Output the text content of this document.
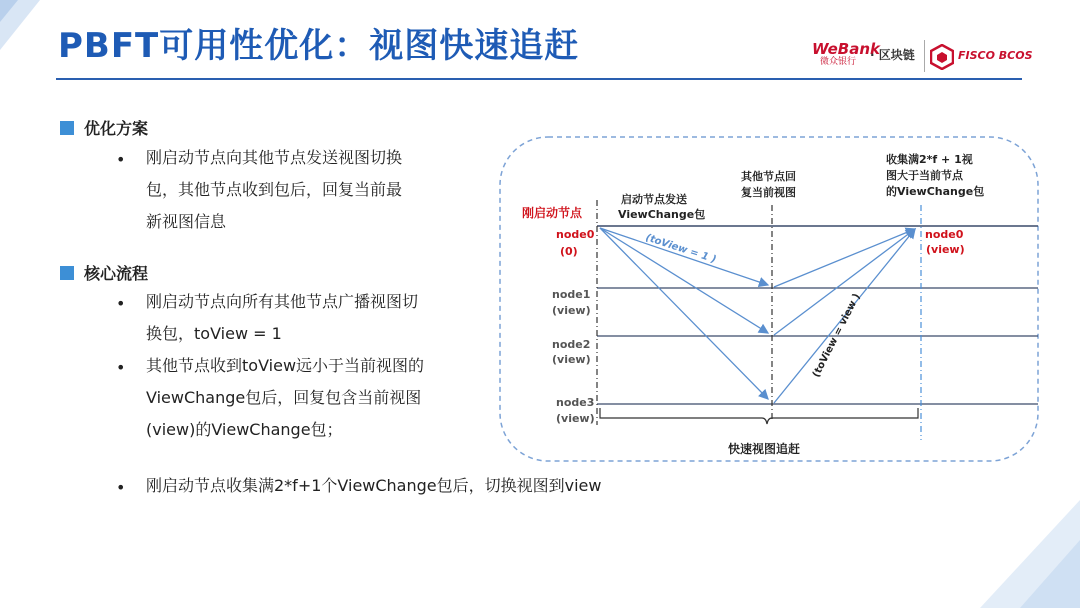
PBFT可用性优化：视图快速追赶	WeBank
微众银行	· 区块链	FISCO BCOS
优化方案
• 刚启动节点向其他节点发送视图切换
包，其他节点收到包后，回复当前最
新视图信息
核心流程
• 刚启动节点向所有其他节点广播视图切
换包，toView = 1
• 其他节点收到toView远小于当前视图的
ViewChange包后，回复包含当前视图
(view)的ViewChange包；
• 刚启动节点收集满2*f+1个ViewChange包后，切换视图到view
刚启动节点
node0
(0)
node1
(view)
node2
(view)
node3
(view)
node0
(view)
启动节点发送
ViewChange包
其他节点回
复当前视图
收集满2*f + 1视
图大于当前节点
的ViewChange包
(toView = 1 )
(toView = view )
快速视图追赶
